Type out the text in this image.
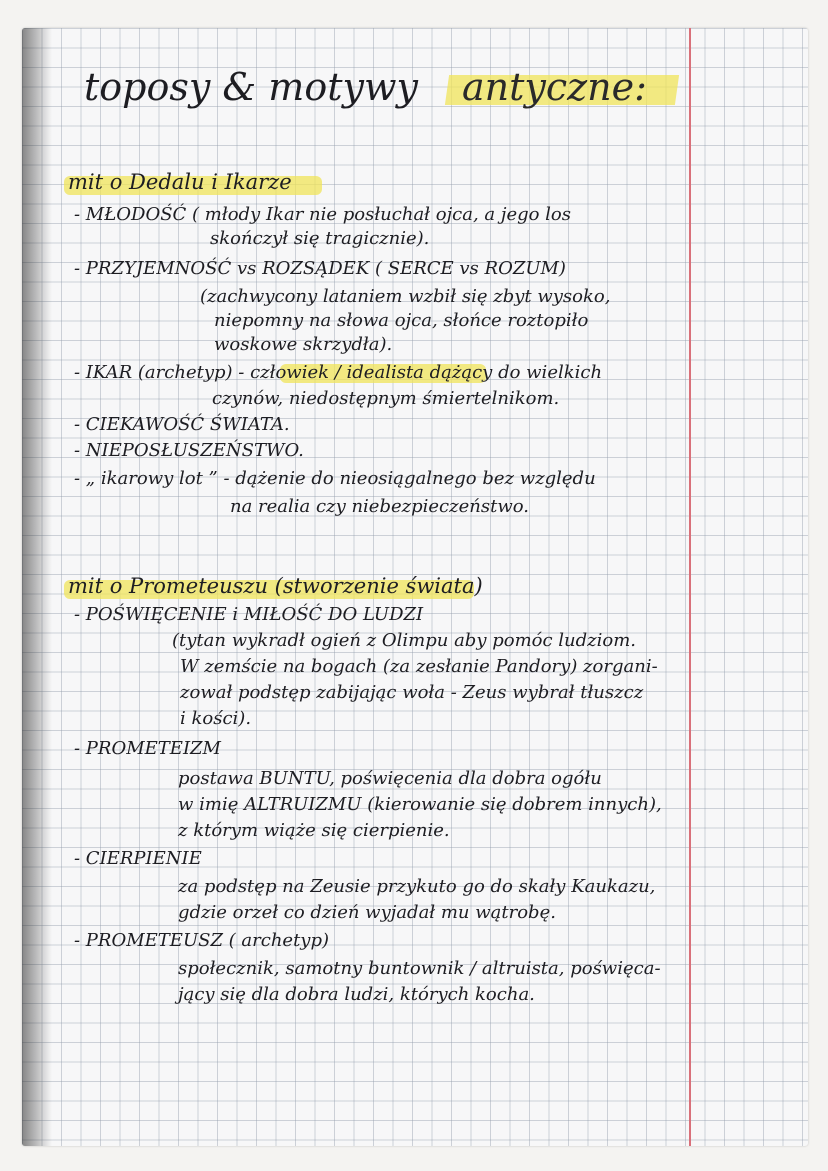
toposy & motywy antyczne:
mit o Dedalu i Ikarze
- MŁODOŚĆ ( młody Ikar nie posłuchał ojca, a jego los
skończył się tragicznie).
- PRZYJEMNOŚĆ vs ROZSĄDEK ( SERCE vs ROZUM)
(zachwycony lataniem wzbił się zbyt wysoko,
niepomny na słowa ojca, słońce roztopiło
woskowe skrzydła).
- IKAR (archetyp) - człowiek / idealista dążący do wielkich
czynów, niedostępnym śmiertelnikom.
- CIEKAWOŚĆ ŚWIATA.
- NIEPOSŁUSZEŃSTWO.
- „ ikarowy lot ” - dążenie do nieosiągalnego bez względu
na realia czy niebezpieczeństwo.
mit o Prometeuszu (stworzenie świata)
- POŚWIĘCENIE i MIŁOŚĆ DO LUDZI
(tytan wykradł ogień z Olimpu aby pomóc ludziom.
W zemście na bogach (za zesłanie Pandory) zorgani-
zował podstęp zabijając woła - Zeus wybrał tłuszcz
i kości).
- PROMETEIZM
postawa BUNTU, poświęcenia dla dobra ogółu
w imię ALTRUIZMU (kierowanie się dobrem innych),
z którym wiąże się cierpienie.
- CIERPIENIE
za podstęp na Zeusie przykuto go do skały Kaukazu,
gdzie orzeł co dzień wyjadał mu wątrobę.
- PROMETEUSZ ( archetyp)
społecznik, samotny buntownik / altruista, poświęca-
jący się dla dobra ludzi, których kocha.
